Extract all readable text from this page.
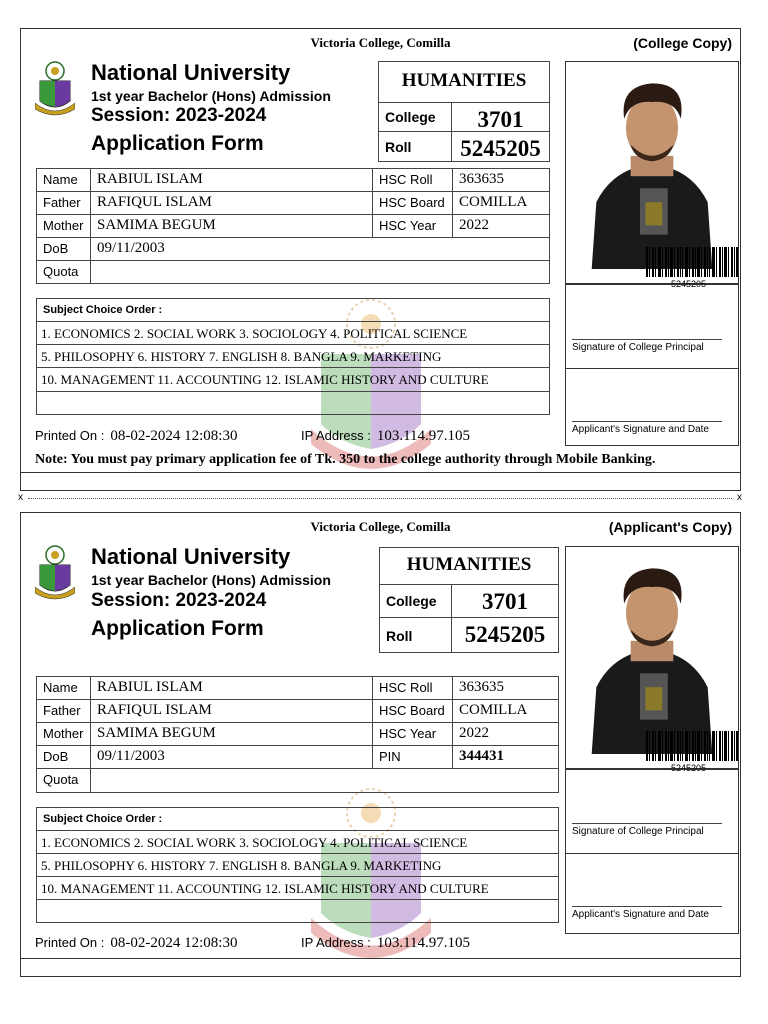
Victoria College, Comilla	(College Copy)
National University
1st year Bachelor (Hons) Admission
Session: 2023-2024
Application Form
HUMANITIES
College	3701
Roll	5245205
5245205
Signature of College Principal
Applicant's Signature and Date
Name	RABIUL ISLAM	HSC Roll	363635
Father	RAFIQUL ISLAM	HSC Board COMILLA
Mother SAMIMA BEGUM	HSC Year	2022
DoB	09/11/2003
Quota
Subject Choice Order :
1. ECONOMICS 2. SOCIAL WORK 3. SOCIOLOGY 4. POLITICAL SCIENCE
5. PHILOSOPHY 6. HISTORY 7. ENGLISH 8. BANGLA 9. MARKETING
10. MANAGEMENT 11. ACCOUNTING 12. ISLAMIC HISTORY AND CULTURE
Printed On : 08-02-2024 12:08:30	IP Address : 103.114.97.105
Note: You must pay primary application fee of Tk. 350 to the college authority through Mobile Banking.
x	x
Victoria College, Comilla	(Applicant's Copy)
National University
1st year Bachelor (Hons) Admission
Session: 2023-2024
Application Form
HUMANITIES
College	3701
Roll	5245205
5245205
Signature of College Principal
Applicant's Signature and Date
Name	RABIUL ISLAM	HSC Roll	363635
Father	RAFIQUL ISLAM	HSC Board COMILLA
Mother SAMIMA BEGUM	HSC Year	2022
DoB	09/11/2003	PIN	344431
Quota
Subject Choice Order :
1. ECONOMICS 2. SOCIAL WORK 3. SOCIOLOGY 4. POLITICAL SCIENCE
5. PHILOSOPHY 6. HISTORY 7. ENGLISH 8. BANGLA 9. MARKETING
10. MANAGEMENT 11. ACCOUNTING 12. ISLAMIC HISTORY AND CULTURE
Printed On : 08-02-2024 12:08:30	IP Address : 103.114.97.105
